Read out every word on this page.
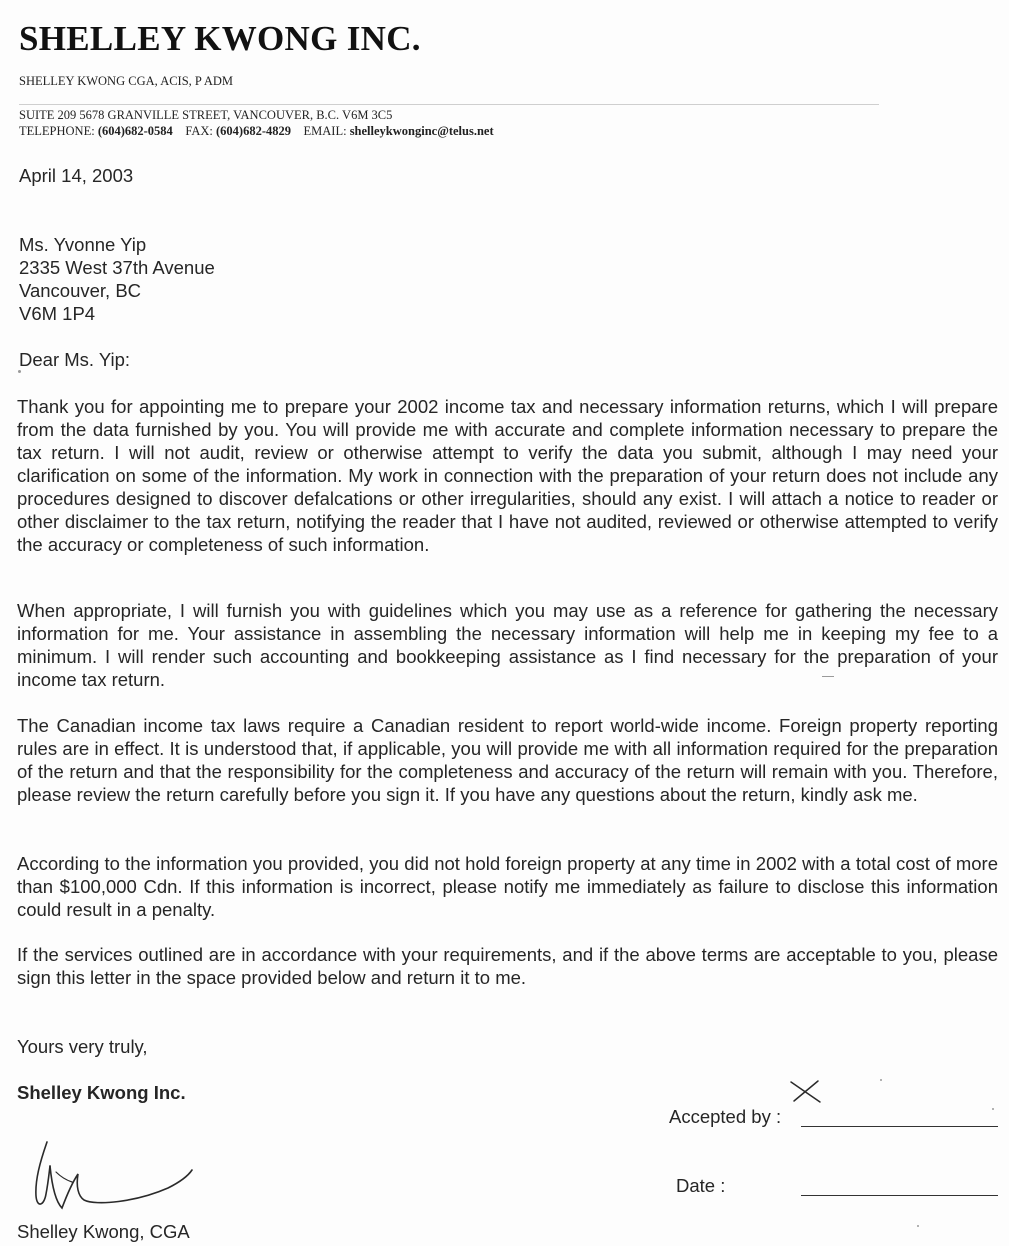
SHELLEY KWONG INC.
SHELLEY KWONG CGA, ACIS, P ADM
SUITE 209 5678 GRANVILLE STREET, VANCOUVER, B.C. V6M 3C5
TELEPHONE: (604)682-0584 FAX: (604)682-4829 EMAIL: shelleykwonginc@telus.net
April 14, 2003
Ms. Yvonne Yip
2335 West 37th Avenue
Vancouver, BC
V6M 1P4
Dear Ms. Yip:
Thank you for appointing me to prepare your 2002 income tax and necessary information returns, which I will prepare from the data furnished by you. You will provide me with accurate and complete information necessary to prepare the tax return. I will not audit, review or otherwise attempt to verify the data you submit, although I may need your clarification on some of the information. My work in connection with the preparation of your return does not include any procedures designed to discover defalcations or other irregularities, should any exist. I will attach a notice to reader or other disclaimer to the tax return, notifying the reader that I have not audited, reviewed or otherwise attempted to verify the accuracy or completeness of such information.
When appropriate, I will furnish you with guidelines which you may use as a reference for gathering the necessary information for me. Your assistance in assembling the necessary information will help me in keeping my fee to a minimum. I will render such accounting and bookkeeping assistance as I find necessary for the preparation of your income tax return.
The Canadian income tax laws require a Canadian resident to report world-wide income. Foreign property reporting rules are in effect. It is understood that, if applicable, you will provide me with all information required for the preparation of the return and that the responsibility for the completeness and accuracy of the return will remain with you. Therefore, please review the return carefully before you sign it. If you have any questions about the return, kindly ask me.
According to the information you provided, you did not hold foreign property at any time in 2002 with a total cost of more than $100,000 Cdn. If this information is incorrect, please notify me immediately as failure to disclose this information could result in a penalty.
If the services outlined are in accordance with your requirements, and if the above terms are acceptable to you, please sign this letter in the space provided below and return it to me.
Yours very truly,
Shelley Kwong Inc.
Shelley Kwong, CGA
Accepted by :
Date :
